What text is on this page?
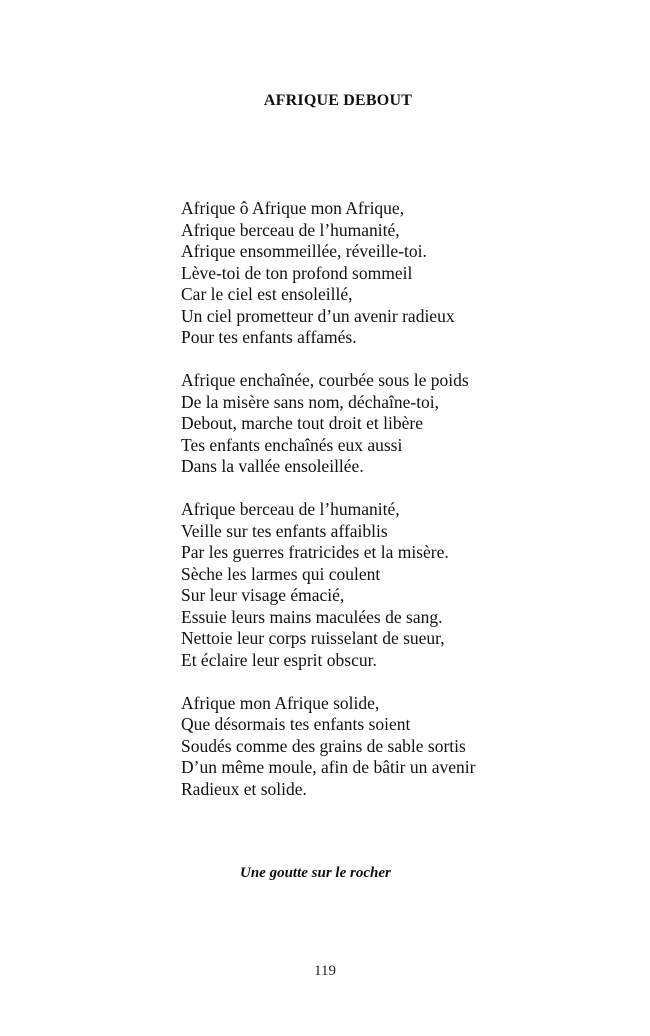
AFRIQUE DEBOUT
Afrique ô Afrique mon Afrique,
Afrique berceau de l’humanité,
Afrique ensommeillée, réveille-toi.
Lève-toi de ton profond sommeil
Car le ciel est ensoleillé,
Un ciel prometteur d’un avenir radieux
Pour tes enfants affamés.
Afrique enchaînée, courbée sous le poids
De la misère sans nom, déchaîne-toi,
Debout, marche tout droit et libère
Tes enfants enchaînés eux aussi
Dans la vallée ensoleillée.
Afrique berceau de l’humanité,
Veille sur tes enfants affaiblis
Par les guerres fratricides et la misère.
Sèche les larmes qui coulent
Sur leur visage émacié,
Essuie leurs mains maculées de sang.
Nettoie leur corps ruisselant de sueur,
Et éclaire leur esprit obscur.
Afrique mon Afrique solide,
Que désormais tes enfants soient
Soudés comme des grains de sable sortis
D’un même moule, afin de bâtir un avenir
Radieux et solide.
Une goutte sur le rocher
119
